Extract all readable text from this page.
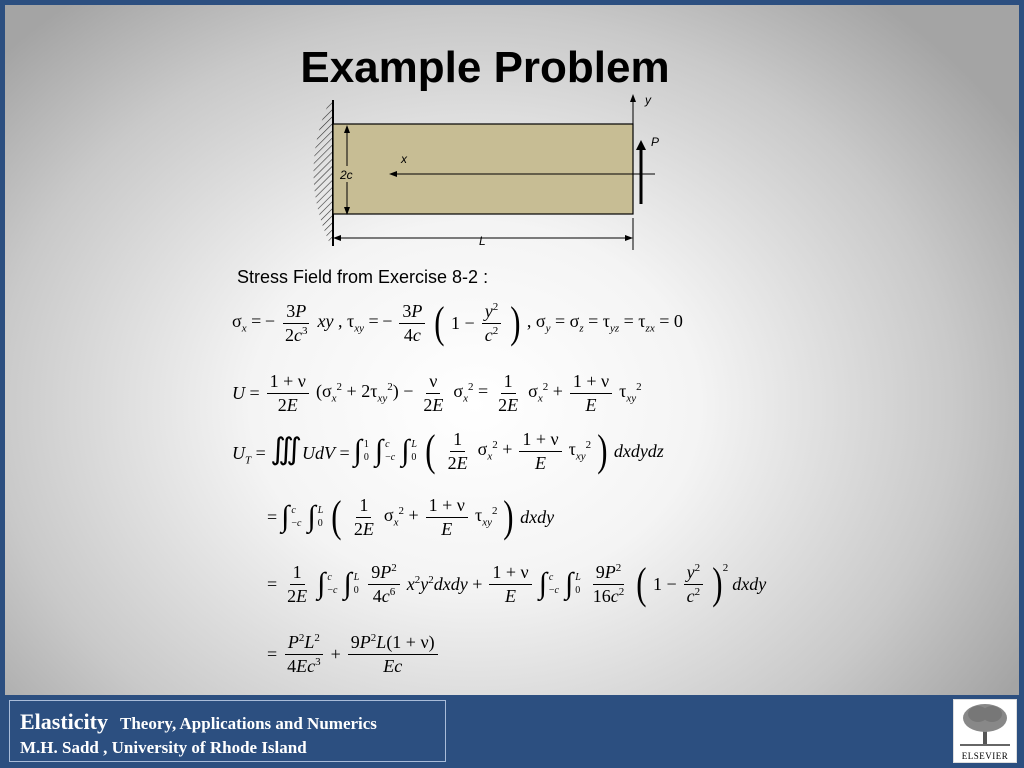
Example Problem
y
x
P
2c
L
Stress Field from Exercise 8-2 :
$\sigma_x$ = − $\frac{3P}{2c^3}$ xy , $\tau_{xy}$ = − $\frac{3P}{4c}$ ( $1 - \frac{y^2}{c^2}$ ) , $\sigma_y = \sigma_z = \tau_{yz} = \tau_{zx} = 0$
$U = \frac{1 + \nu}{2E} (\sigma_x^2 + 2\tau_{xy}^2) - \frac{\nu}{2E} \sigma_x^2 = \frac{1}{2E} \sigma_x^2 + \frac{1 + \nu}{E} \tau_{xy}^2$
$U_T$ = ∭UdV = ∫ 1
0 ∫ c
−c ∫ L
0 ( $\frac{1}{2E} \sigma_x^2 + \frac{1 + \nu}{E} \tau_{xy}^2$ ) dxdydz
= ∫ c
−c ∫ L
0 ( $\frac{1}{2E} \sigma_x^2 + \frac{1 + \nu}{E} \tau_{xy}^2$ ) dxdy
= $\frac{1}{2E}$ ∫ c
−c ∫ L
$0 \frac{9P^2}{4c^6}$ $x^2y^2dxdy + \frac{1 + \nu}{E}$ ∫ c
−c ∫ L
$0 \frac{9P^2}{16c^2}$ ( $1 - \frac{y^2}{c^2} )^2$
dxdy
= $\frac{P^2L^2}{4Ec^3} + \frac{9P^2L(1 + \nu)}{Ec}$
Elasticity Theory, Applications and Numerics
M.H. Sadd , University of Rhode Island	ELSEVIER
